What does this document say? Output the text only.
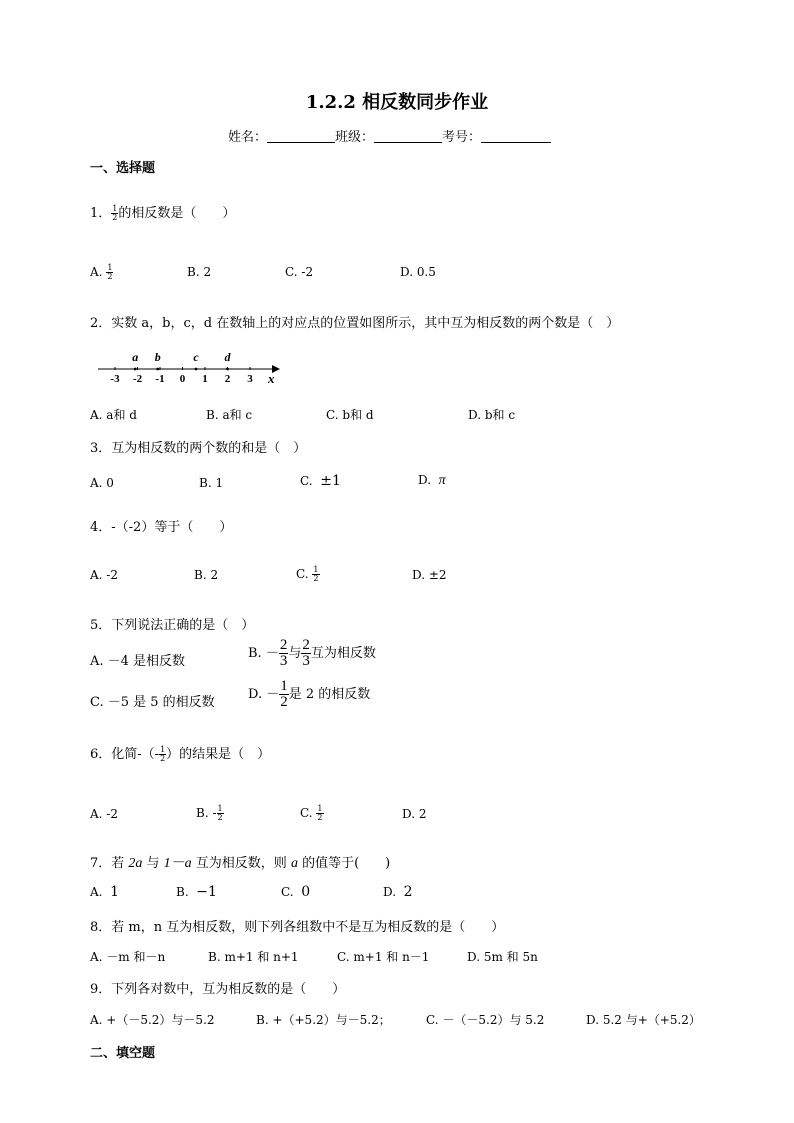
1.2.2 相反数同步作业
姓名：	班级：	考号：
一、选择题
1． $\frac{1}{2}$ 的相反数是（　　）
A. $\frac{1}{2}$	B. 2	C. -2	D. 0.5
2．实数 a，b，c，d 在数轴上的对应点的位置如图所示，其中互为相反数的两个数是（　）
-3 -2 -1 0 1 2 3
a b	c d
x
A. a和 d	B. a和 c	C. b和 d	D. b和 c
3．互为相反数的两个数的和是（　）
A. 0	B. 1	C. ±1	D. π
4．-（-2）等于（　　）
A. -2	B. 2	C. $\frac{1}{2}$	D. ±2
5．下列说法正确的是（　）
A. －4 是相反数
B. － $\frac{2}{3}$ 与 $\frac{2}{3}$ 互为相反数
C. －5 是 5 的相反数
D. － $\frac{1}{2}$ 是 2 的相反数
6．化简-（- $\frac{1}{2}$ ）的结果是（　）
A. -2	B. - $\frac{1}{2}$	C. $\frac{1}{2}$	D. 2
7．若 2a 与 1－a 互为相反数，则 a 的值等于(　　)
A. 1	B. −1	C. 0	D. 2
8．若 m，n 互为相反数，则下列各组数中不是互为相反数的是（　　）
A. －m 和－n	B. m+1 和 n+1	C. m+1 和 n－1	D. 5m 和 5n
9．下列各对数中，互为相反数的是（　　）
A. +（－5.2）与－5.2	B. +（+5.2）与－5.2；	C. －（－5.2）与 5.2	D. 5.2 与+（+5.2）
二、填空题
